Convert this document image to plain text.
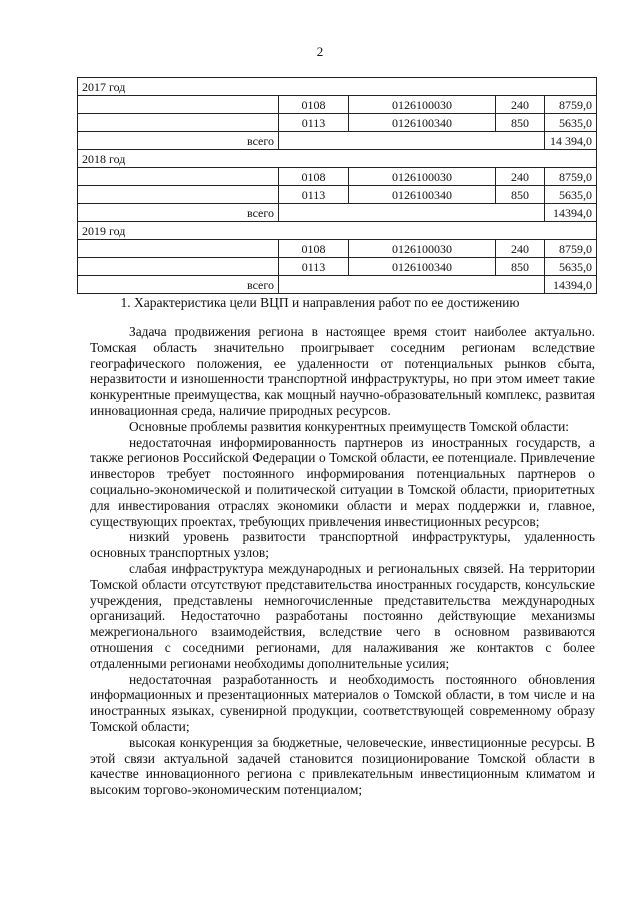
2
2017 год				
	0108	0126100030	240	8759,0
	0113	0126100340	850	5635,0
всего				14 394,0
2018 год				
	0108	0126100030	240	8759,0
	0113	0126100340	850	5635,0
всего				14394,0
2019 год				
	0108	0126100030	240	8759,0
	0113	0126100340	850	5635,0
всего				14394,0
1. Характеристика цели ВЦП и направления работ по ее достижению

Задача продвижения региона в настоящее время стоит наиболее актуально. Томская область значительно проигрывает соседним регионам вследствие географического положения, ее удаленности от потенциальных рынков сбыта, неразвитости и изношенности транспортной инфраструктуры, но при этом имеет такие конкурентные преимущества, как мощный научно-образовательный комплекс, развитая инновационная среда, наличие природных ресурсов.

Основные проблемы развития конкурентных преимуществ Томской области:

недостаточная информированность партнеров из иностранных государств, а также регионов Российской Федерации о Томской области, ее потенциале. Привлечение инвесторов требует постоянного информирования потенциальных партнеров о социально-экономической и политической ситуации в Томской области, приоритетных для инвестирования отраслях экономики области и мерах поддержки и, главное, существующих проектах, требующих привлечения инвестиционных ресурсов;

низкий уровень развитости транспортной инфраструктуры, удаленность основных транспортных узлов;

слабая инфраструктура международных и региональных связей. На территории Томской области отсутствуют представительства иностранных государств, консульские учреждения, представлены немногочисленные представительства международных организаций. Недостаточно разработаны постоянно действующие механизмы межрегионального взаимодействия, вследствие чего в основном развиваются отношения с соседними регионами, для налаживания же контактов с более отдаленными регионами необходимы дополнительные усилия;

недостаточная разработанность и необходимость постоянного обновления информационных и презентационных материалов о Томской области, в том числе и на иностранных языках, сувенирной продукции, соответствующей современному образу Томской области;

высокая конкуренция за бюджетные, человеческие, инвестиционные ресурсы. В этой связи актуальной задачей становится позиционирование Томской области в качестве инновационного региона с привлекательным инвестиционным климатом и высоким торгово-экономическим потенциалом;
